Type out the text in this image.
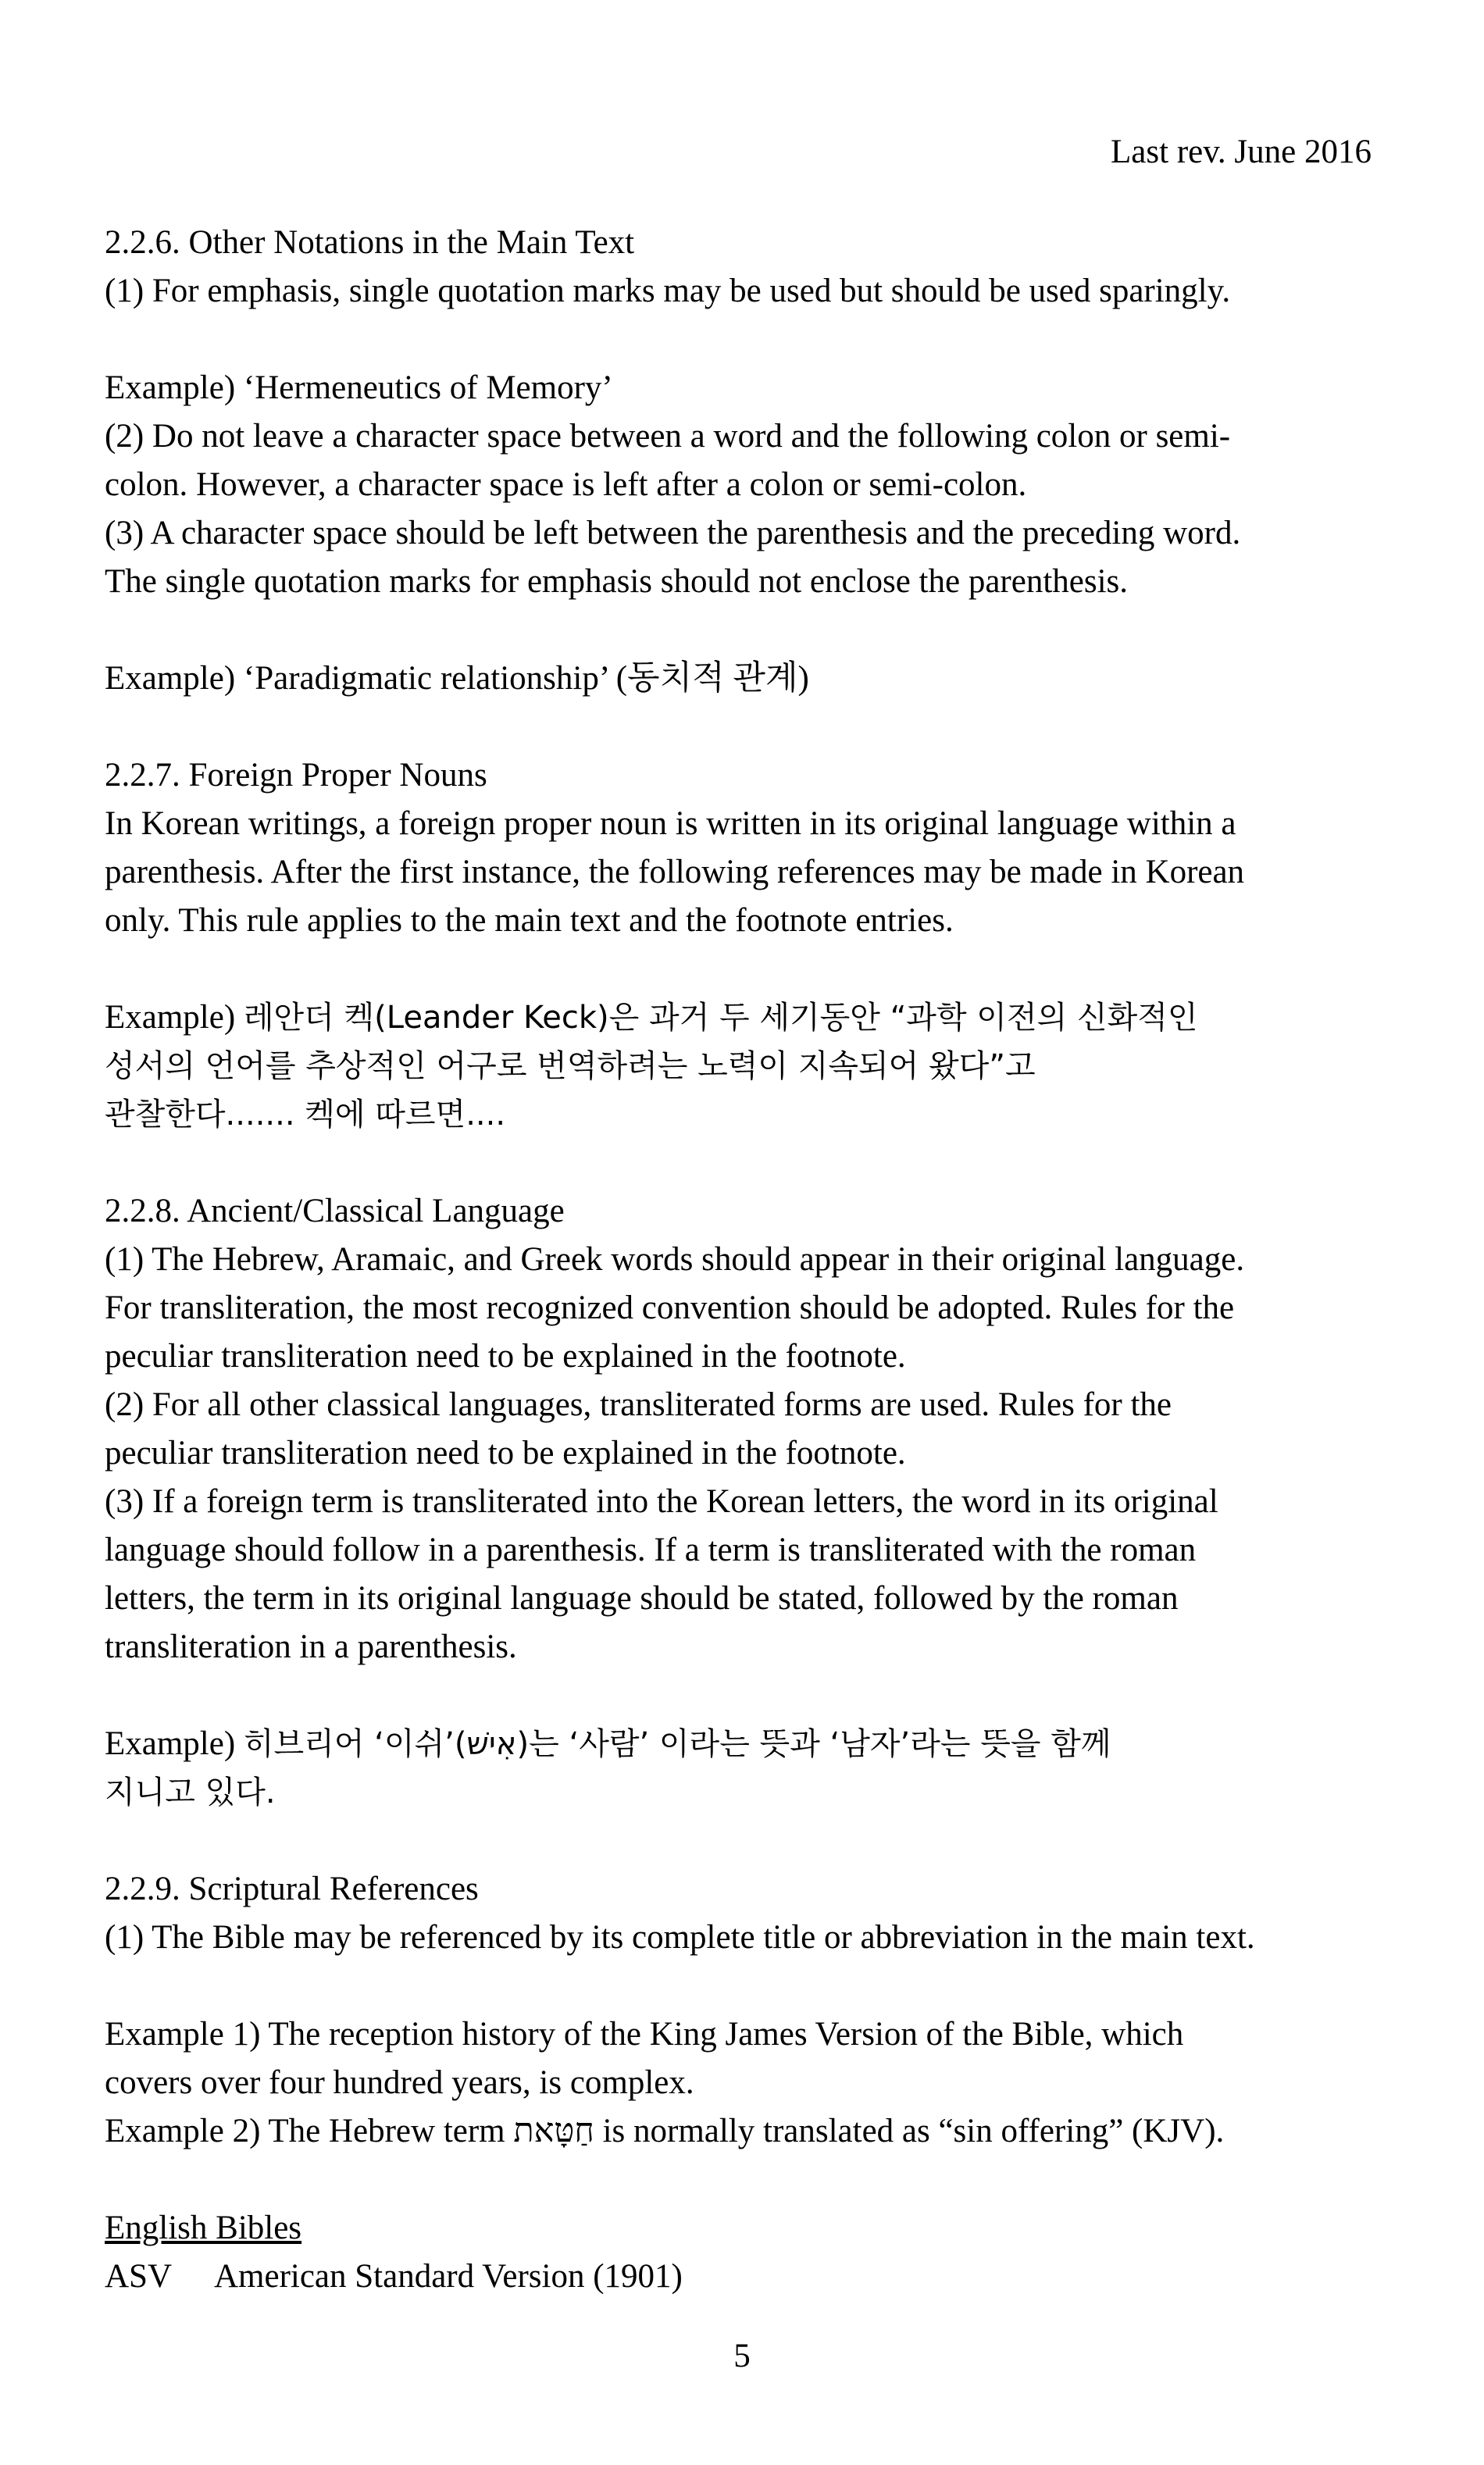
Last rev. June 2016
2.2.6. Other Notations in the Main Text
(1) For emphasis, single quotation marks may be used but should be used sparingly.
Example) ‘Hermeneutics of Memory’
(2) Do not leave a character space between a word and the following colon or semi-
colon. However, a character space is left after a colon or semi-colon.
(3) A character space should be left between the parenthesis and the preceding word.
The single quotation marks for emphasis should not enclose the parenthesis.
Example) ‘Paradigmatic relationship’ (동치적 관계)
2.2.7. Foreign Proper Nouns
In Korean writings, a foreign proper noun is written in its original language within a
parenthesis. After the first instance, the following references may be made in Korean
only. This rule applies to the main text and the footnote entries.
Example) 레안더 켁(Leander Keck)은 과거 두 세기동안 “과학 이전의 신화적인
성서의 언어를 추상적인 어구로 번역하려는 노력이 지속되어 왔다”고
관찰한다....... 켁에 따르면....
2.2.8. Ancient/Classical Language
(1) The Hebrew, Aramaic, and Greek words should appear in their original language.
For transliteration, the most recognized convention should be adopted. Rules for the
peculiar transliteration need to be explained in the footnote.
(2) For all other classical languages, transliterated forms are used. Rules for the
peculiar transliteration need to be explained in the footnote.
(3) If a foreign term is transliterated into the Korean letters, the word in its original
language should follow in a parenthesis. If a term is transliterated with the roman
letters, the term in its original language should be stated, followed by the roman
transliteration in a parenthesis.
Example) 히브리어 ‘이쉬’(אִישׁ)는 ‘사람’ 이라는 뜻과 ‘남자’라는 뜻을 함께
지니고 있다.
2.2.9. Scriptural References
(1) The Bible may be referenced by its complete title or abbreviation in the main text.
Example 1) The reception history of the King James Version of the Bible, which
covers over four hundred years, is complex.
Example 2) The Hebrew term חַטָּאת is normally translated as “sin offering” (KJV).
English Bibles
ASV American Standard Version (1901)
5
